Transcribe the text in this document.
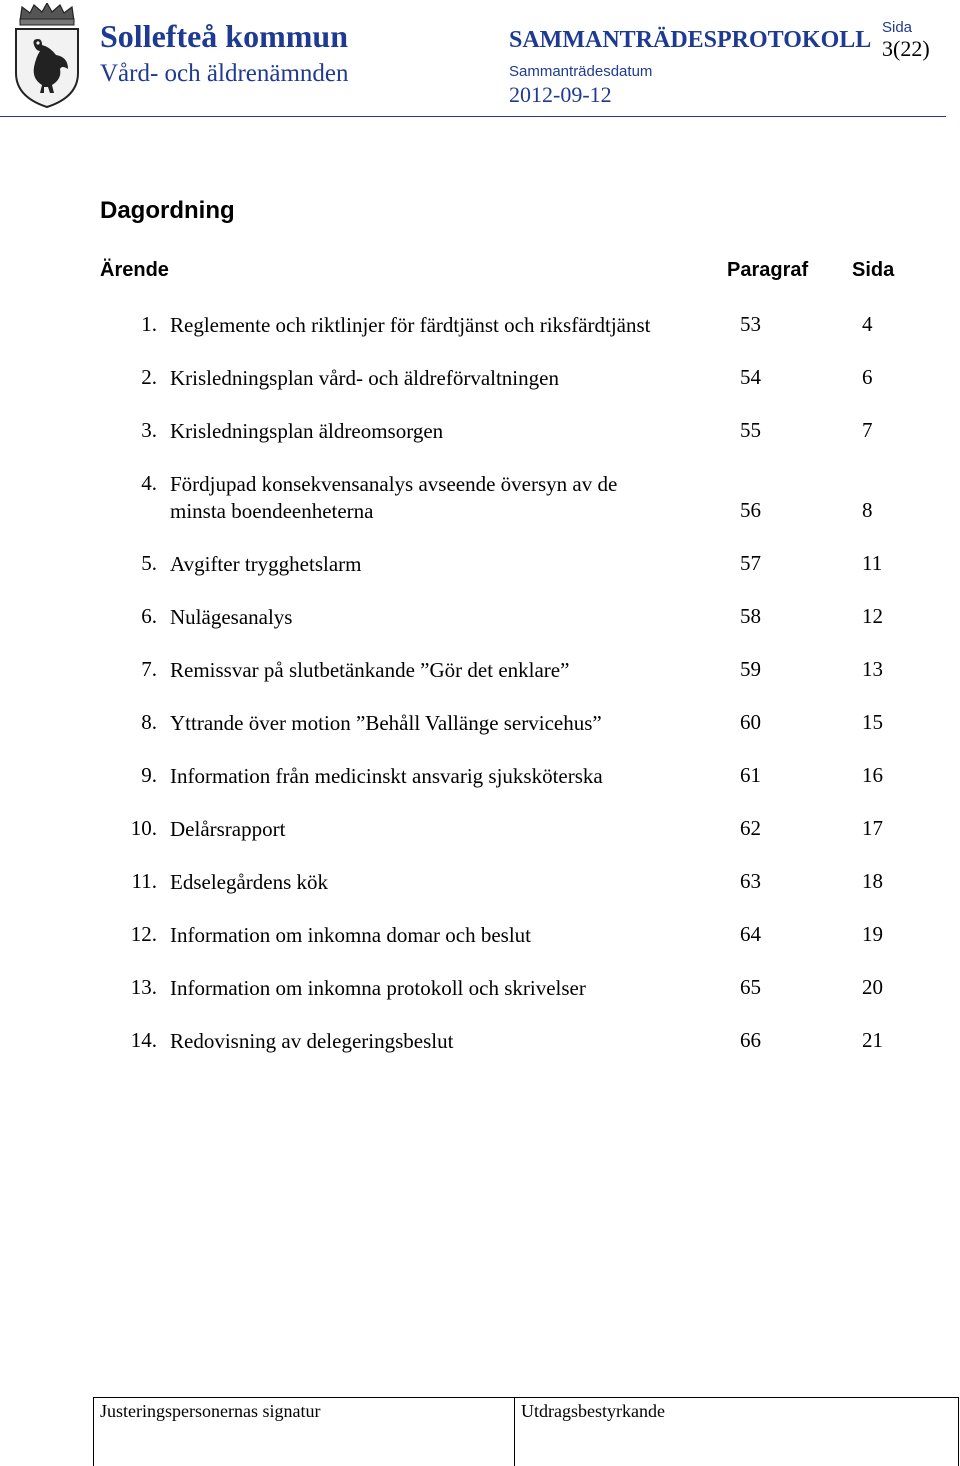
Sollefteå kommun
Vård- och äldrenämnden
SAMMANTRÄDESPROTOKOLL
Sammanträdesdatum
2012-09-12
Sida
3(22)
Dagordning
Ärende	Paragraf Sida
1. Reglemente och riktlinjer för färdtjänst och riksfärdtjänst	53	4
2. Krisledningsplan vård- och äldreförvaltningen	54	6
3. Krisledningsplan äldreomsorgen	55	7
4. Fördjupad konsekvensanalys avseende översyn av de
minsta boendeenheterna	56	8
5. Avgifter trygghetslarm	57	11
6. Nulägesanalys	58	12
7. Remissvar på slutbetänkande ”Gör det enklare”	59	13
8. Yttrande över motion ”Behåll Vallänge servicehus”	60	15
9. Information från medicinskt ansvarig sjuksköterska	61	16
10. Delårsrapport	62	17
11. Edselegårdens kök	63	18
12. Information om inkomna domar och beslut	64	19
13. Information om inkomna protokoll och skrivelser	65	20
14. Redovisning av delegeringsbeslut	66	21
Justeringspersonernas signatur	Utdragsbestyrkande
